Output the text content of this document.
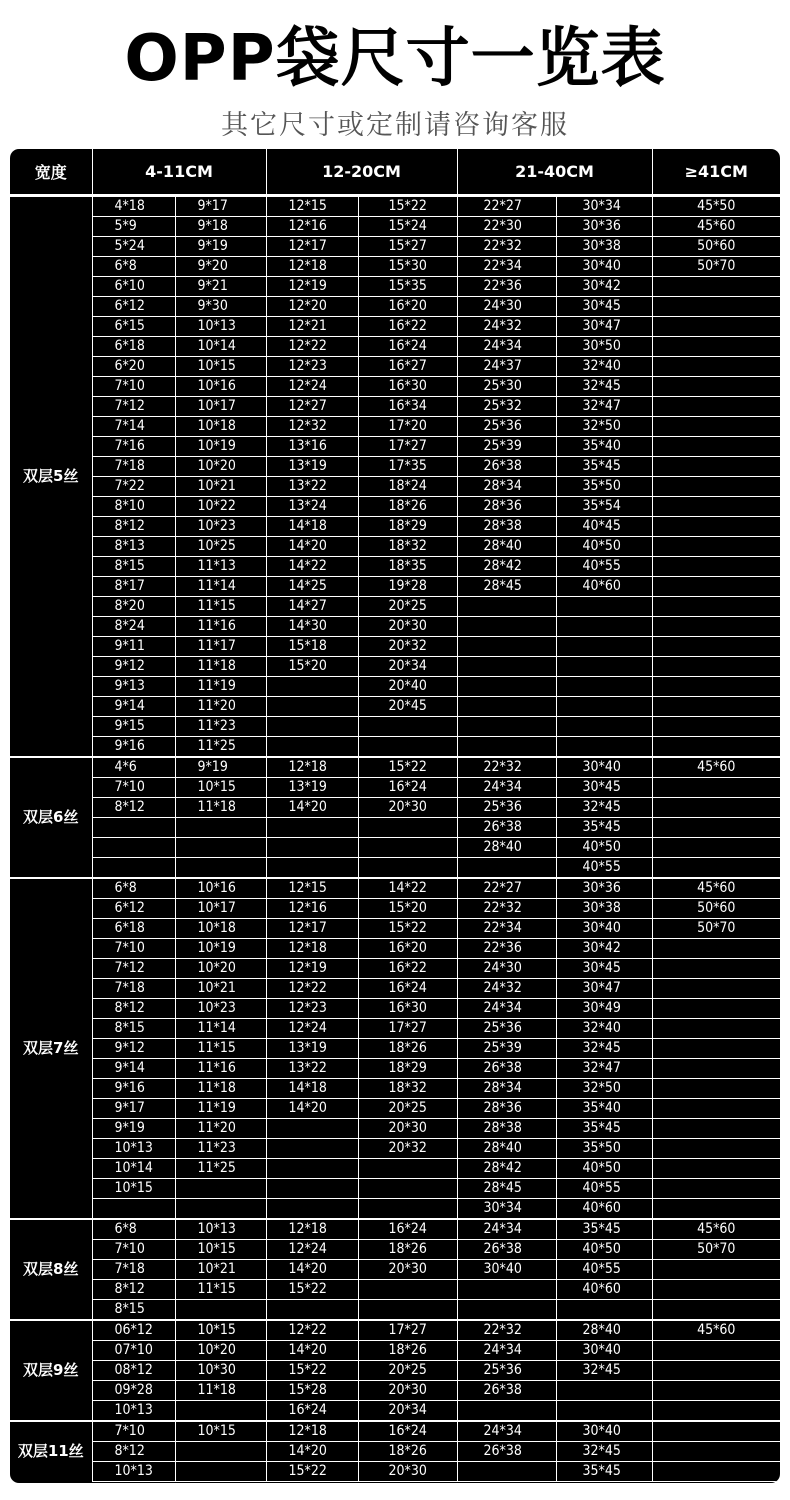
OPP袋尺寸一览表
其它尺寸或定制请咨询客服
宽度	4-11CM		12-20CM		21-40CM		≥41CM
双层5丝	4*18	9*17	12*15	15*22	22*27	30*34	45*50
	5*9	9*18	12*16	15*24	22*30	30*36	45*60
	5*24	9*19	12*17	15*27	22*32	30*38	50*60
	6*8	9*20	12*18	15*30	22*34	30*40	50*70
	6*10	9*21	12*19	15*35	22*36	30*42	
	6*12	9*30	12*20	16*20	24*30	30*45	
	6*15	10*13	12*21	16*22	24*32	30*47	
	6*18	10*14	12*22	16*24	24*34	30*50	
	6*20	10*15	12*23	16*27	24*37	32*40	
	7*10	10*16	12*24	16*30	25*30	32*45	
	7*12	10*17	12*27	16*34	25*32	32*47	
	7*14	10*18	12*32	17*20	25*36	32*50	
	7*16	10*19	13*16	17*27	25*39	35*40	
	7*18	10*20	13*19	17*35	26*38	35*45	
	7*22	10*21	13*22	18*24	28*34	35*50	
	8*10	10*22	13*24	18*26	28*36	35*54	
	8*12	10*23	14*18	18*29	28*38	40*45	
	8*13	10*25	14*20	18*32	28*40	40*50	
	8*15	11*13	14*22	18*35	28*42	40*55	
	8*17	11*14	14*25	19*28	28*45	40*60	
	8*20	11*15	14*27	20*25			
	8*24	11*16	14*30	20*30			
	9*11	11*17	15*18	20*32			
	9*12	11*18	15*20	20*34			
	9*13	11*19		20*40			
	9*14	11*20		20*45			
	9*15	11*23					
	9*16	11*25					
双层6丝	4*6	9*19	12*18	15*22	22*32	30*40	45*60
	7*10	10*15	13*19	16*24	24*34	30*45	
	8*12	11*18	14*20	20*30	25*36	32*45	
					26*38	35*45	
					28*40	40*50	
						40*55	
双层7丝	6*8	10*16	12*15	14*22	22*27	30*36	45*60
	6*12	10*17	12*16	15*20	22*32	30*38	50*60
	6*18	10*18	12*17	15*22	22*34	30*40	50*70
	7*10	10*19	12*18	16*20	22*36	30*42	
	7*12	10*20	12*19	16*22	24*30	30*45	
	7*18	10*21	12*22	16*24	24*32	30*47	
	8*12	10*23	12*23	16*30	24*34	30*49	
	8*15	11*14	12*24	17*27	25*36	32*40	
	9*12	11*15	13*19	18*26	25*39	32*45	
	9*14	11*16	13*22	18*29	26*38	32*47	
	9*16	11*18	14*18	18*32	28*34	32*50	
	9*17	11*19	14*20	20*25	28*36	35*40	
	9*19	11*20		20*30	28*38	35*45	
	10*13	11*23		20*32	28*40	35*50	
	10*14	11*25			28*42	40*50	
	10*15				28*45	40*55	
					30*34	40*60	
双层8丝	6*8	10*13	12*18	16*24	24*34	35*45	45*60
	7*10	10*15	12*24	18*26	26*38	40*50	50*70
	7*18	10*21	14*20	20*30	30*40	40*55	
	8*12	11*15	15*22			40*60	
	8*15						
双层9丝	06*12	10*15	12*22	17*27	22*32	28*40	45*60
	07*10	10*20	14*20	18*26	24*34	30*40	
	08*12	10*30	15*22	20*25	25*36	32*45	
	09*28	11*18	15*28	20*30	26*38		
	10*13		16*24	20*34			
双层11丝	7*10	10*15	12*18	16*24	24*34	30*40	
	8*12		14*20	18*26	26*38	32*45	
	10*13		15*22	20*30		35*45	
